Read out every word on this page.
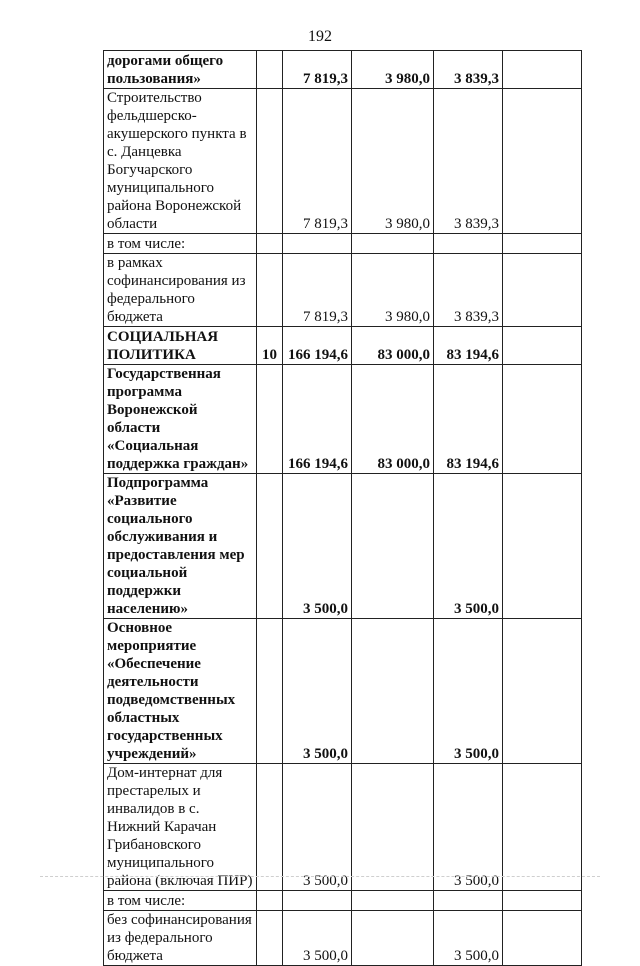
192
дорогами общего пользования»		7 819,3	3 980,0	3 839,3	
Строительство фельдшерско-акушерского пункта в с. Данцевка Богучарского муниципального района Воронежской области		7 819,3	3 980,0	3 839,3	
в том числе:					
в рамках софинансирования из федерального бюджета		7 819,3	3 980,0	3 839,3	
СОЦИАЛЬНАЯ ПОЛИТИКА	10	166 194,6	83 000,0	83 194,6	
Государственная программа Воронежской области «Социальная поддержка граждан»		166 194,6	83 000,0	83 194,6	
Подпрограмма «Развитие социального обслуживания и предоставления мер социальной поддержки населению»		3 500,0		3 500,0	
Основное мероприятие «Обеспечение деятельности подведомственных областных государственных учреждений»		3 500,0		3 500,0	
Дом-интернат для престарелых и инвалидов в с. Нижний Карачан Грибановского муниципального района (включая ПИР)		3 500,0		3 500,0	
в том числе:					
без софинансирования из федерального бюджета		3 500,0		3 500,0	
